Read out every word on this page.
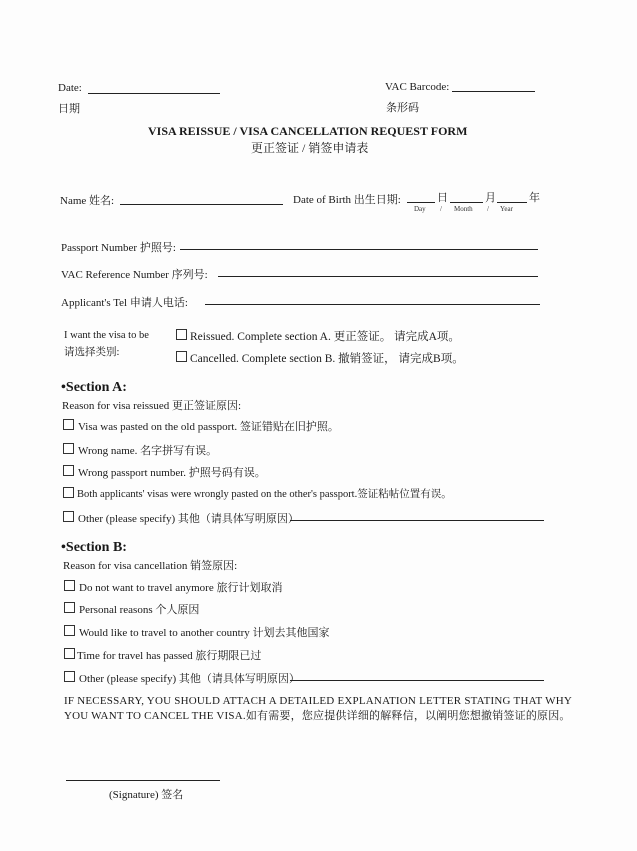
Date:
日期
VAC Barcode:
条形码
VISA REISSUE / VISA CANCELLATION REQUEST FORM
更正签证 / 销签申请表
Name 姓名:	Date of Birth 出生日期:	日	月	年
Day / Month / Year
Passport Number 护照号:
VAC Reference Number 序列号:
Applicant's Tel 申请人电话:
I want the visa to be
请选择类别:
Reissued. Complete section A. 更正签证。 请完成A项。
Cancelled. Complete section B. 撤销签证， 请完成B项。
•Section A:
Reason for visa reissued 更正签证原因:
Visa was pasted on the old passport. 签证错贴在旧护照。
Wrong name. 名字拼写有误。
Wrong passport number. 护照号码有误。
Both applicants' visas were wrongly pasted on the other's passport.签证粘帖位置有误。
Other (please specify) 其他（请具体写明原因）
•Section B:
Reason for visa cancellation 销签原因:
Do not want to travel anymore 旅行计划取消
Personal reasons 个人原因
Would like to travel to another country 计划去其他国家
Time for travel has passed 旅行期限已过
Other (please specify) 其他（请具体写明原因）
IF NECESSARY, YOU SHOULD ATTACH A DETAILED EXPLANATION LETTER STATING THAT WHY YOU WANT TO CANCEL THE VISA.如有需要，您应提供详细的解释信，以阐明您想撤销签证的原因。
(Signature) 签名
